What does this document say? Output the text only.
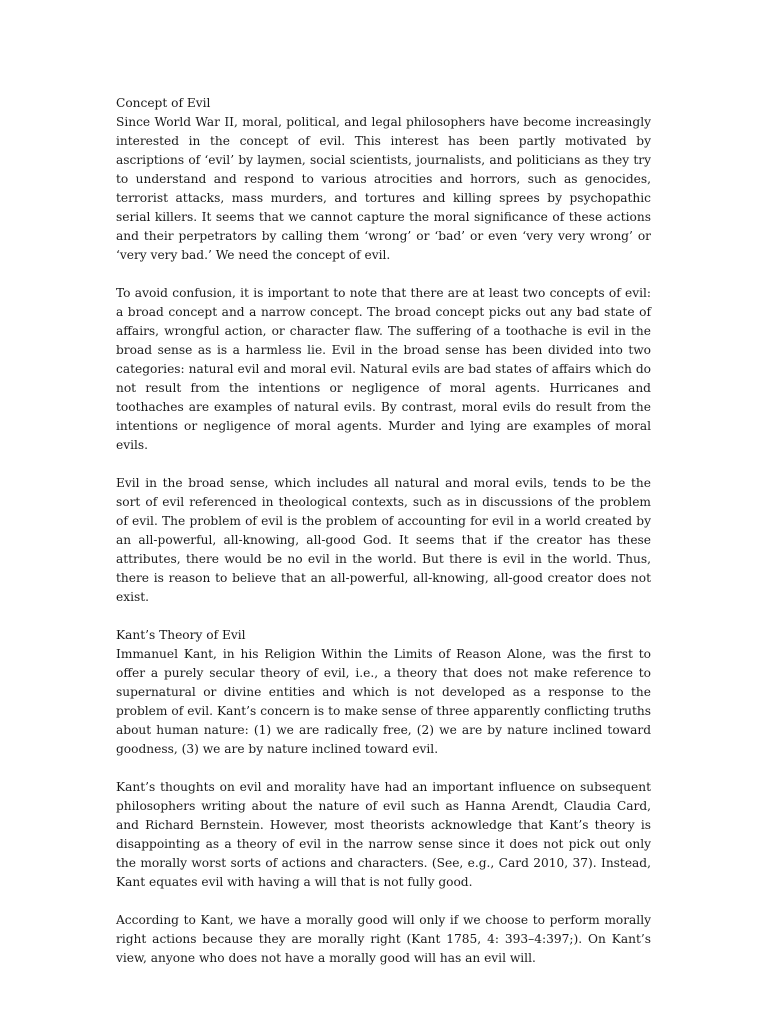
Concept of Evil

Since World War II, moral, political, and legal philosophers have become increasingly interested in the concept of evil. This interest has been partly motivated by ascriptions of ‘evil’ by laymen, social scientists, journalists, and politicians as they try to understand and respond to various atrocities and horrors, such as genocides, terrorist attacks, mass murders, and tortures and killing sprees by psychopathic serial killers. It seems that we cannot capture the moral significance of these actions and their perpetrators by calling them ‘wrong’ or ‘bad’ or even ‘very very wrong’ or ‘very very bad.’ We need the concept of evil.

To avoid confusion, it is important to note that there are at least two concepts of evil: a broad concept and a narrow concept. The broad concept picks out any bad state of affairs, wrongful action, or character flaw. The suffering of a toothache is evil in the broad sense as is a harmless lie. Evil in the broad sense has been divided into two categories: natural evil and moral evil. Natural evils are bad states of affairs which do not result from the intentions or negligence of moral agents. Hurricanes and toothaches are examples of natural evils. By contrast, moral evils do result from the intentions or negligence of moral agents. Murder and lying are examples of moral evils.

Evil in the broad sense, which includes all natural and moral evils, tends to be the sort of evil referenced in theological contexts, such as in discussions of the problem of evil. The problem of evil is the problem of accounting for evil in a world created by an all-powerful, all-knowing, all-good God. It seems that if the creator has these attributes, there would be no evil in the world. But there is evil in the world. Thus, there is reason to believe that an all-powerful, all-knowing, all-good creator does not exist.

Kant’s Theory of Evil

Immanuel Kant, in his Religion Within the Limits of Reason Alone, was the first to offer a purely secular theory of evil, i.e., a theory that does not make reference to supernatural or divine entities and which is not developed as a response to the problem of evil. Kant’s concern is to make sense of three apparently conflicting truths about human nature: (1) we are radically free, (2) we are by nature inclined toward goodness, (3) we are by nature inclined toward evil.

Kant’s thoughts on evil and morality have had an important influence on subsequent philosophers writing about the nature of evil such as Hanna Arendt, Claudia Card, and Richard Bernstein. However, most theorists acknowledge that Kant’s theory is disappointing as a theory of evil in the narrow sense since it does not pick out only the morally worst sorts of actions and characters. (See, e.g., Card 2010, 37). Instead, Kant equates evil with having a will that is not fully good.

According to Kant, we have a morally good will only if we choose to perform morally right actions because they are morally right (Kant 1785, 4: 393–4:397;). On Kant’s view, anyone who does not have a morally good will has an evil will.
